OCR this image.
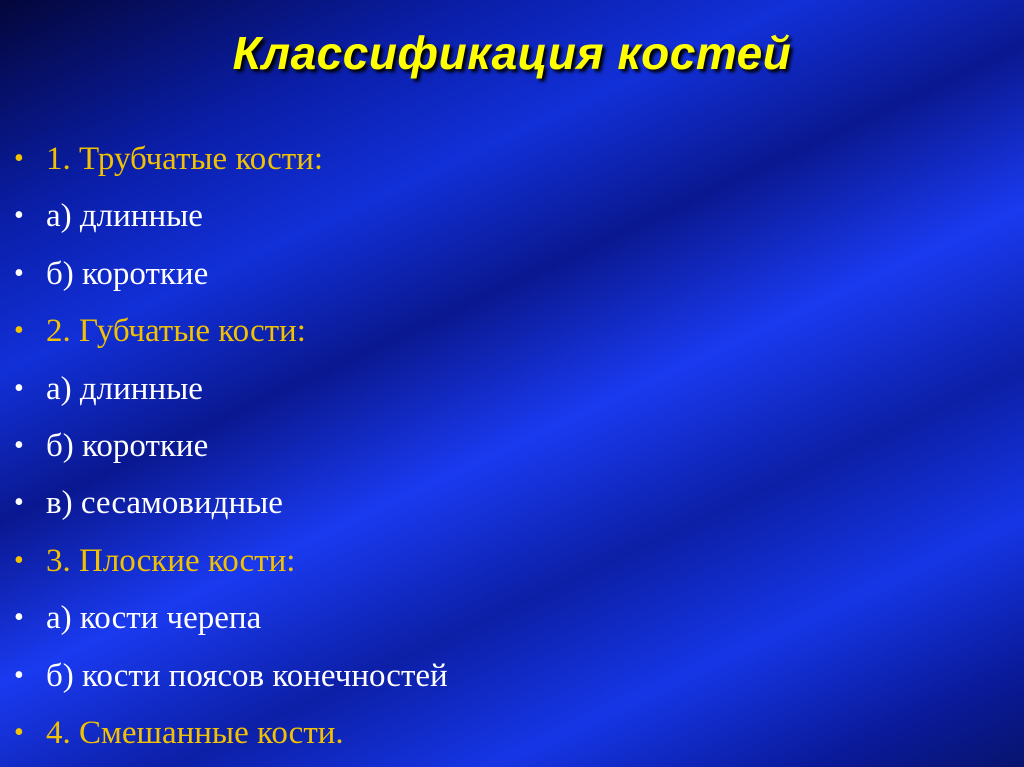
Классификация костей
• 1. Трубчатые кости:
• а) длинные
• б) короткие
• 2. Губчатые кости:
• а) длинные
• б) короткие
• в) сесамовидные
• 3. Плоские кости:
• а) кости черепа
• б) кости поясов конечностей
• 4. Смешанные кости.
